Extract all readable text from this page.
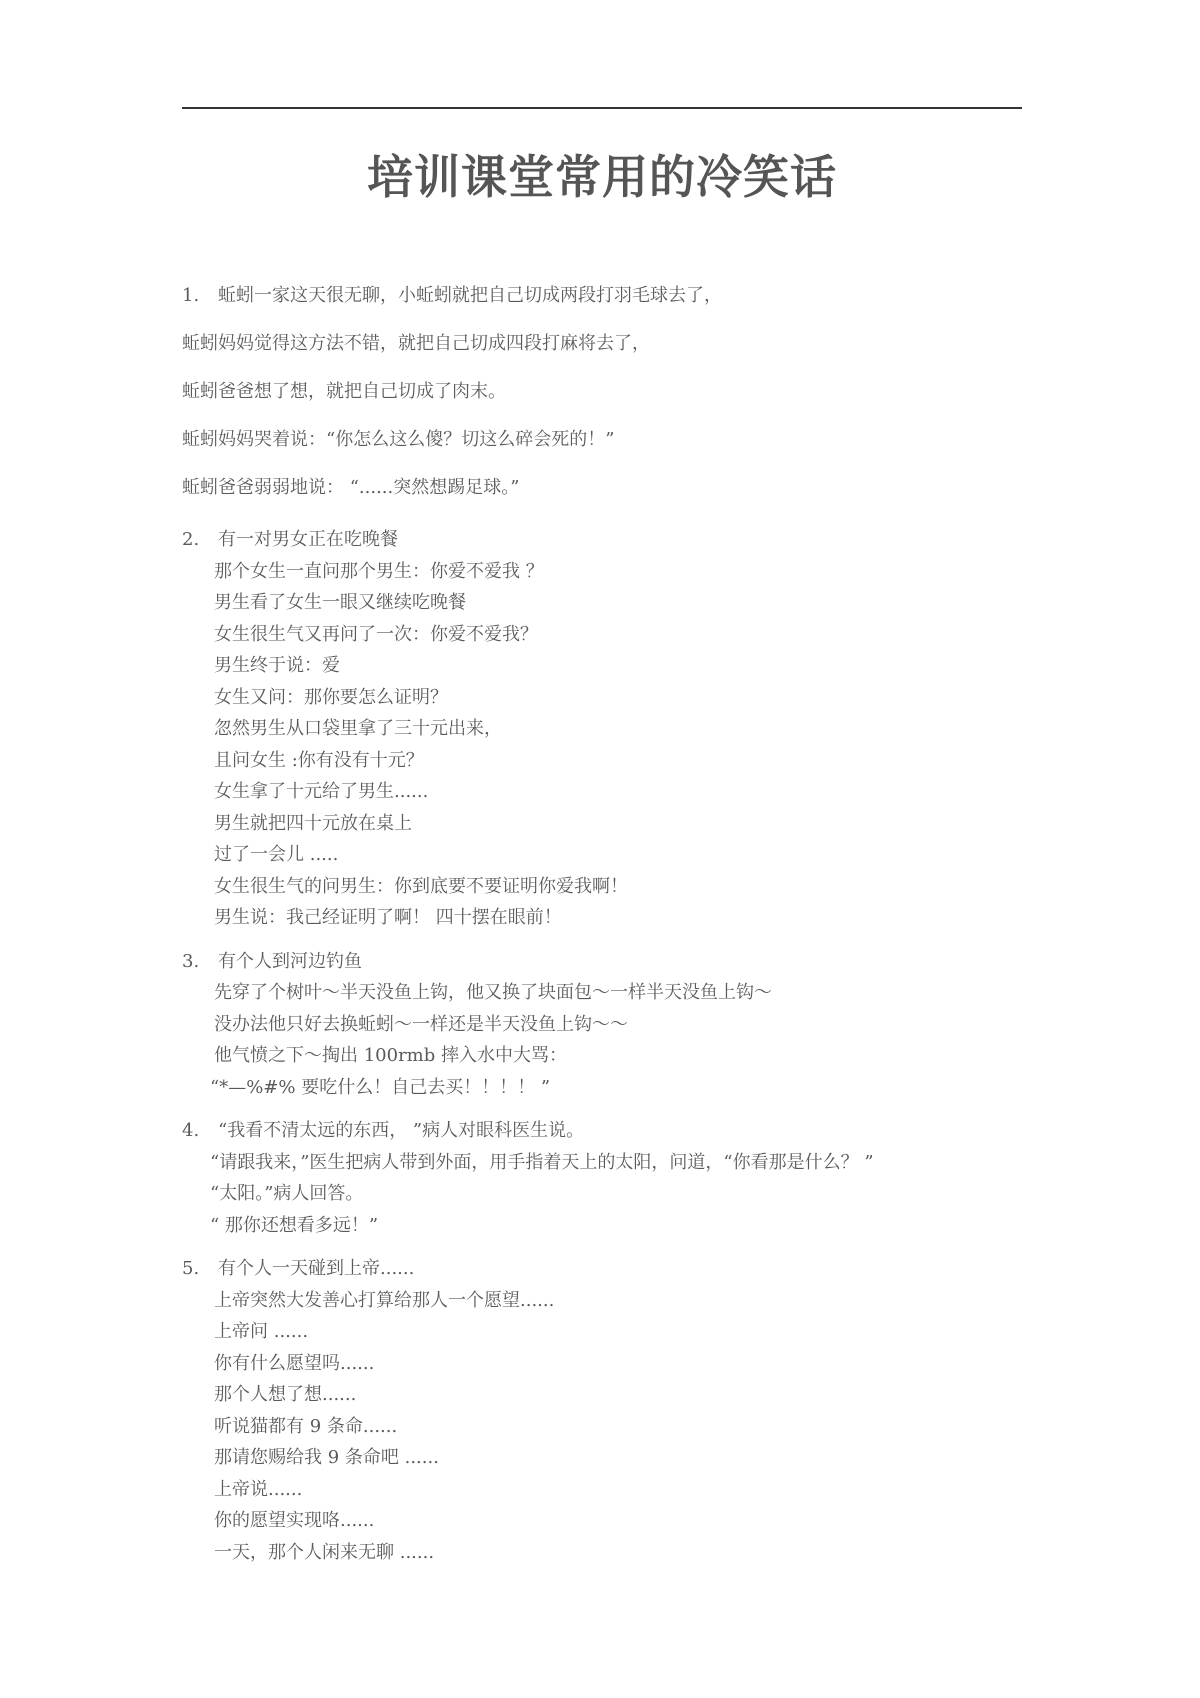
培训课堂常用的冷笑话

1. 蚯蚓一家这天很无聊，小蚯蚓就把自己切成两段打羽毛球去了，

蚯蚓妈妈觉得这方法不错，就把自己切成四段打麻将去了，

蚯蚓爸爸想了想，就把自己切成了肉末。

蚯蚓妈妈哭着说：“你怎么这么傻？切这么碎会死的！”

蚯蚓爸爸弱弱地说： “......突然想踢足球。”

2. 有一对男女正在吃晚餐
那个女生一直问那个男生：你爱不爱我 ？
男生看了女生一眼又继续吃晚餐
女生很生气又再问了一次：你爱不爱我？
男生终于说：爱
女生又问：那你要怎么证明？
忽然男生从口袋里拿了三十元出来，
且问女生 :你有没有十元？
女生拿了十元给了男生......
男生就把四十元放在桌上
过了一会儿 .....
女生很生气的问男生：你到底要不要证明你爱我啊！
男生说：我己经证明了啊！ 四十摆在眼前！
3. 有个人到河边钓鱼
先穿了个树叶～半天没鱼上钩，他又换了块面包～一样半天没鱼上钩～
没办法他只好去换蚯蚓～一样还是半天没鱼上钩～～
他气愤之下～掏出 100rmb 摔入水中大骂：
“*—%#% 要吃什么！自己去买！！！！ ”
4. “我看不清太远的东西， ”病人对眼科医生说。
“请跟我来，”医生把病人带到外面，用手指着天上的太阳，问道，“你看那是什么？ ”
“太阳。”病人回答。
“ 那你还想看多远！”
5. 有个人一天碰到上帝......
上帝突然大发善心打算给那人一个愿望......
上帝问 ......
你有什么愿望吗......
那个人想了想......
听说猫都有 9 条命......
那请您赐给我 9 条命吧 ......
上帝说......
你的愿望实现咯......
一天，那个人闲来无聊 ......
